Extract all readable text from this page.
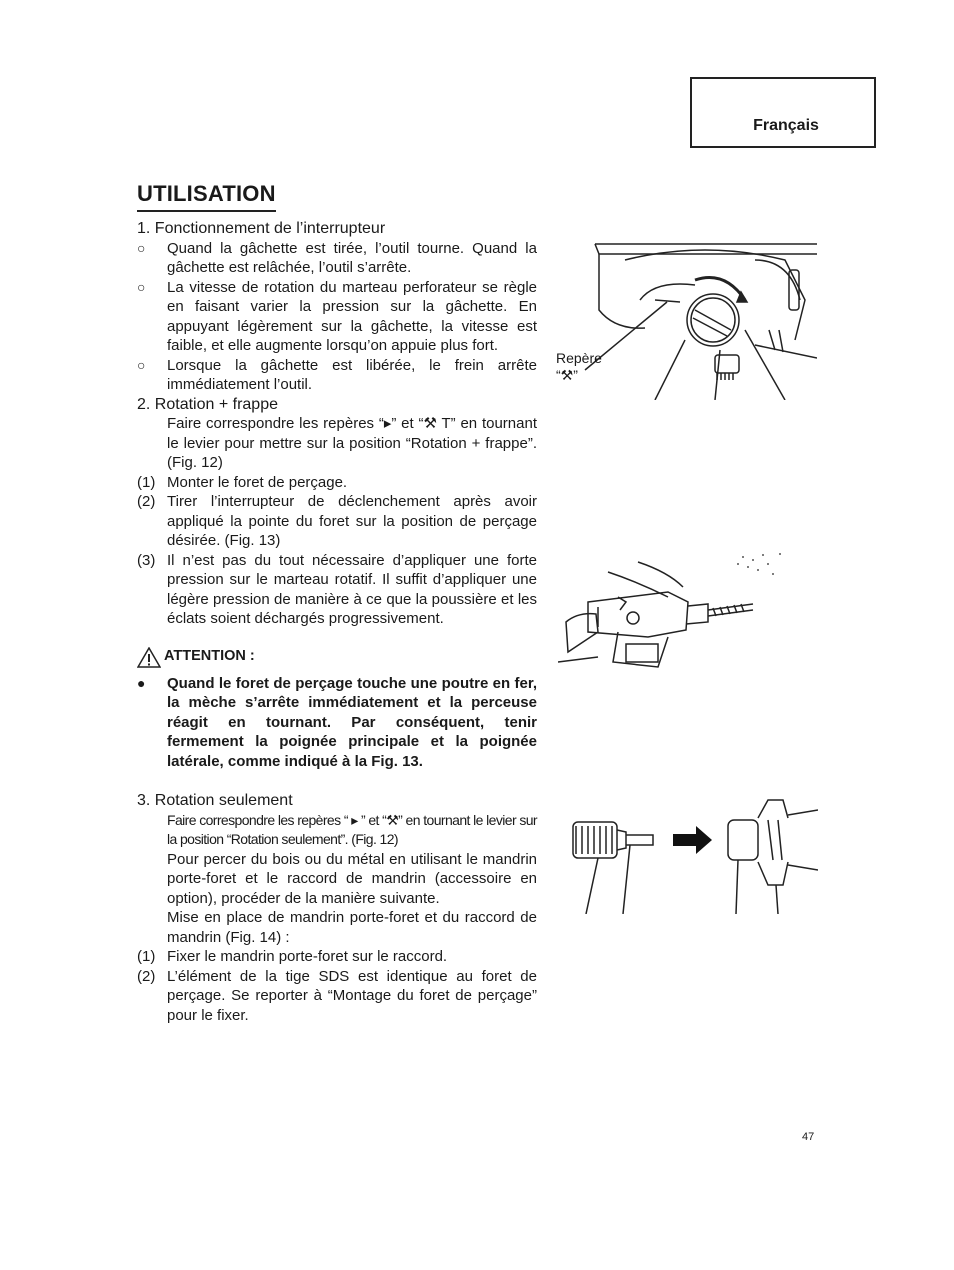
Français
UTILISATION
1. Fonctionnement de l’interrupteur
○
Quand la gâchette est tirée, l’outil tourne. Quand la gâchette est relâchée, l’outil s’arrête.
○
La vitesse de rotation du marteau perforateur se règle en faisant varier la pression sur la gâchette. En appuyant légèrement sur la gâchette, la vitesse est faible, et elle augmente lorsqu’on appuie plus fort.
○
Lorsque la gâchette est libérée, le frein arrête immédiatement l’outil.
2. Rotation + frappe
Faire correspondre les repères “▸” et “⚒ T” en tournant le levier pour mettre sur la position “Rotation + frappe”. (Fig. 12)
(1) Monter le foret de perçage.
(2) Tirer l’interrupteur de déclenchement après avoir appliqué la pointe du foret sur la position de perçage désirée. (Fig. 13)
(3) Il n’est pas du tout nécessaire d’appliquer une forte pression sur le marteau rotatif. Il suffit d’appliquer une légère pression de manière à ce que la poussière et les éclats soient déchargés progressivement.
ATTENTION :
●
Quand le foret de perçage touche une poutre en fer, la mèche s’arrête immédiatement et la perceuse réagit en tournant. Par conséquent, tenir fermement la poignée principale et la poignée latérale, comme indiqué à la Fig. 13.
3. Rotation seulement
Faire correspondre les repères “ ▸ ” et “⚒” en tournant le levier sur la position “Rotation seulement”. (Fig. 12)
Pour percer du bois ou du métal en utilisant le mandrin porte-foret et le raccord de mandrin (accessoire en option), procéder de la manière suivante.
Mise en place de mandrin porte-foret et du raccord de mandrin (Fig. 14) :
(1) Fixer le mandrin porte-foret sur le raccord.
(2) L’élément de la tige SDS est identique au foret de perçage. Se reporter à “Montage du foret de perçage” pour le fixer.
Repère
“⚒”
47
